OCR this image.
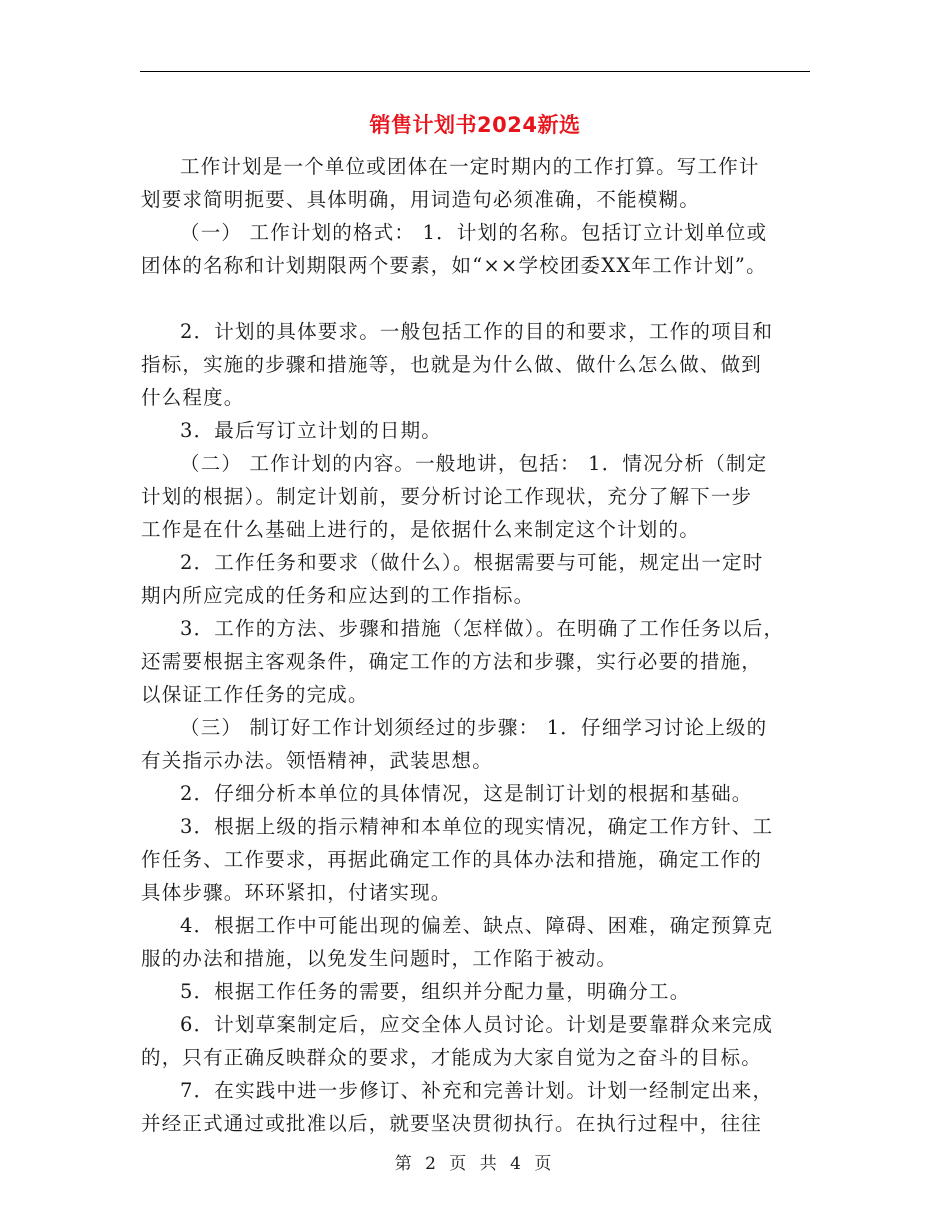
销售计划书2024新选

工作计划是一个单位或团体在一定时期内的工作打算。写工作计
划要求简明扼要、具体明确，用词造句必须准确，不能模糊。

（一） 工作计划的格式： 1．计划的名称。包括订立计划单位或
团体的名称和计划期限两个要素，如“××学校团委XX年工作计划”。

2．计划的具体要求。一般包括工作的目的和要求，工作的项目和
指标，实施的步骤和措施等，也就是为什么做、做什么怎么做、做到
什么程度。

3．最后写订立计划的日期。

（二） 工作计划的内容。一般地讲，包括： 1．情况分析（制定
计划的根据）。制定计划前，要分析讨论工作现状，充分了解下一步
工作是在什么基础上进行的，是依据什么来制定这个计划的。

2．工作任务和要求（做什么）。根据需要与可能，规定出一定时
期内所应完成的任务和应达到的工作指标。

3．工作的方法、步骤和措施（怎样做）。在明确了工作任务以后，
还需要根据主客观条件，确定工作的方法和步骤，实行必要的措施，
以保证工作任务的完成。

（三） 制订好工作计划须经过的步骤： 1．仔细学习讨论上级的
有关指示办法。领悟精神，武装思想。

2．仔细分析本单位的具体情况，这是制订计划的根据和基础。

3．根据上级的指示精神和本单位的现实情况，确定工作方针、工
作任务、工作要求，再据此确定工作的具体办法和措施，确定工作的
具体步骤。环环紧扣，付诸实现。

4．根据工作中可能出现的偏差、缺点、障碍、困难，确定预算克
服的办法和措施，以免发生问题时，工作陷于被动。

5．根据工作任务的需要，组织并分配力量，明确分工。

6．计划草案制定后，应交全体人员讨论。计划是要靠群众来完成
的，只有正确反映群众的要求，才能成为大家自觉为之奋斗的目标。

7．在实践中进一步修订、补充和完善计划。计划一经制定出来，
并经正式通过或批准以后，就要坚决贯彻执行。在执行过程中，往往

第 2 页 共 4 页
